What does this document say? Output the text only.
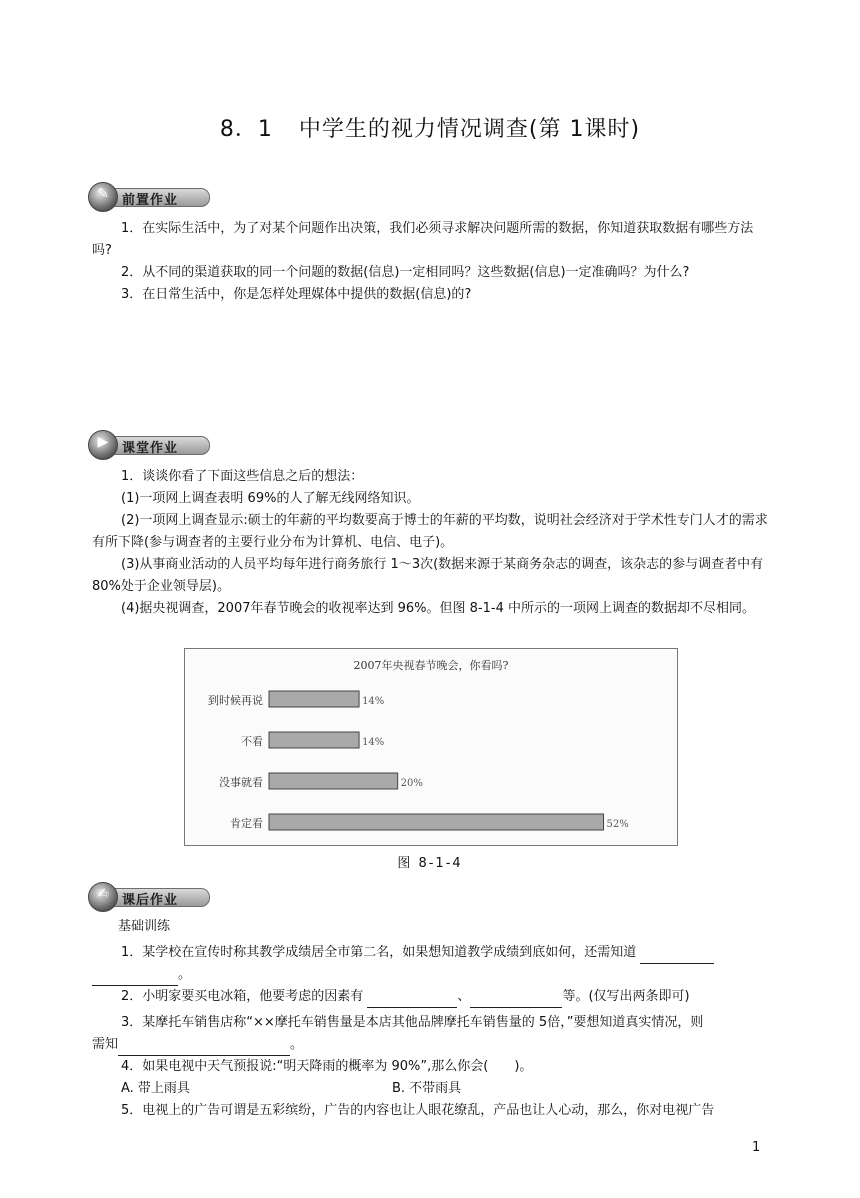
8．1 中学生的视力情况调查(第 1课时)
✎ 前置作业
1．在实际生活中，为了对某个问题作出决策，我们必须寻求解决问题所需的数据，你知道获取数据有哪些方法吗?
2．从不同的渠道获取的同一个问题的数据(信息)一定相同吗？这些数据(信息)一定准确吗？为什么?
3．在日常生活中，你是怎样处理媒体中提供的数据(信息)的?
▶ 课堂作业
1．谈谈你看了下面这些信息之后的想法：
(1)一项网上调查表明 69%的人了解无线网络知识。
(2)一项网上调查显示:硕士的年薪的平均数要高于博士的年薪的平均数，说明社会经济对于学术性专门人才的需求有所下降(参与调查者的主要行业分布为计算机、电信、电子)。
(3)从事商业活动的人员平均每年进行商务旅行 1～3次(数据来源于某商务杂志的调查，该杂志的参与调查者中有 80%处于企业领导层)。
(4)据央视调查，2007年春节晚会的收视率达到 96%。但图 8-1-4 中所示的一项网上调查的数据却不尽相同。
2007年央视春节晚会，你看吗?
到时候再说	14%
不看	14%
没事就看	20%
肯定看	52%
图 8-1-4
✍ 课后作业
基础训练
1．某学校在宣传时称其教学成绩居全市第二名，如果想知道教学成绩到底如何，还需知道
。
2．小明家要买电冰箱，他要考虑的因素有	、	等。(仅写出两条即可)
3．某摩托车销售店称“××摩托车销售量是本店其他品牌摩托车销售量的 5倍，”要想知道真实情况，则
需知	。
4．如果电视中天气预报说:“明天降雨的概率为 90%”,那么你会(　　)。
A. 带上雨具	B. 不带雨具
5．电视上的广告可谓是五彩缤纷，广告的内容也让人眼花缭乱，产品也让人心动，那么，你对电视广告
1
